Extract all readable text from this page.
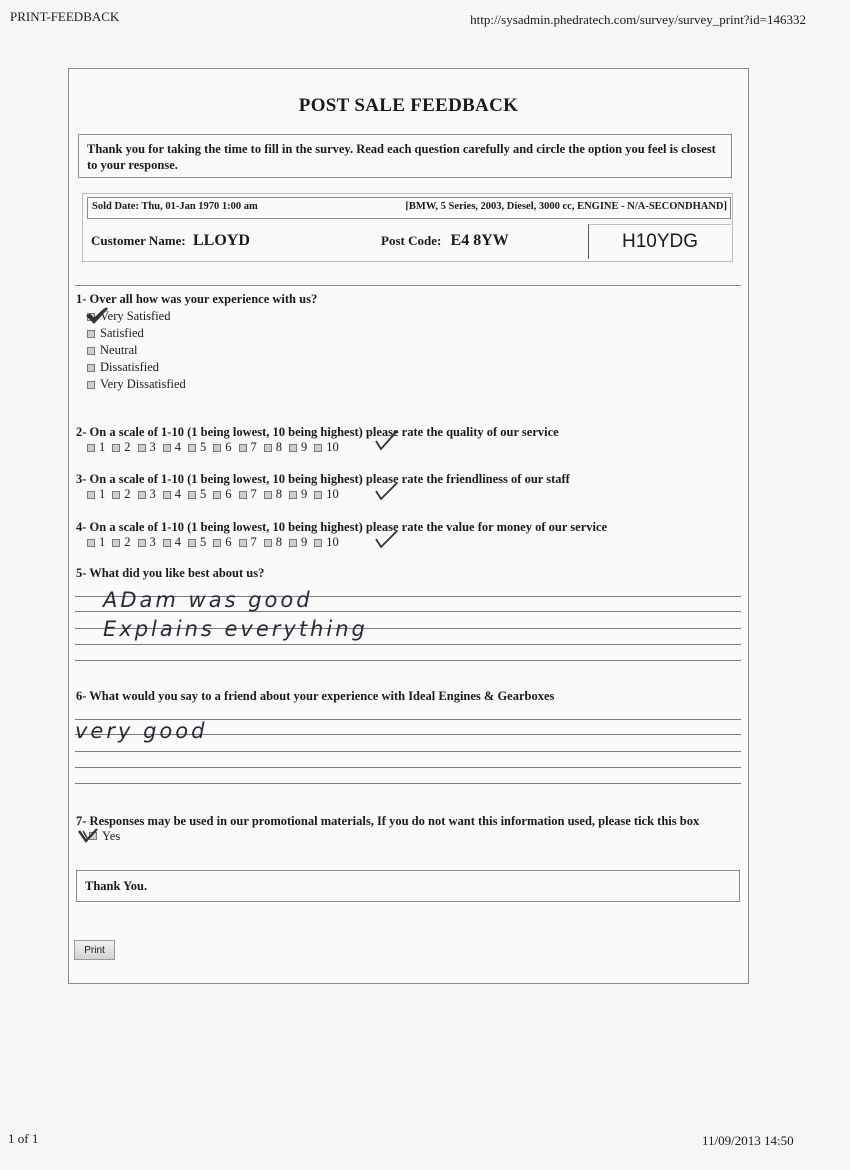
PRINT-FEEDBACK	http://sysadmin.phedratech.com/survey/survey_print?id=146332
POST SALE FEEDBACK
Thank you for taking the time to fill in the survey. Read each question carefully and circle the option you feel is closest to your response.
Sold Date: Thu, 01-Jan 1970 1:00 am	[BMW, 5 Series, 2003, Diesel, 3000 cc, ENGINE - N/A-SECONDHAND]
Customer Name: LLOYD	Post Code: E4 8YW	H10YDG
1- Over all how was your experience with us?
Very Satisfied
Satisfied
Neutral
Dissatisfied
Very Dissatisfied
2- On a scale of 1-10 (1 being lowest, 10 being highest) please rate the quality of our service
1 2 3 4 5 6 7 8 9 10
3- On a scale of 1-10 (1 being lowest, 10 being highest) please rate the friendliness of our staff
1 2 3 4 5 6 7 8 9 10
4- On a scale of 1-10 (1 being lowest, 10 being highest) please rate the value for money of our service
1 2 3 4 5 6 7 8 9 10
5- What did you like best about us?
ADam was good
Explains everything
6- What would you say to a friend about your experience with Ideal Engines & Gearboxes
very good
7- Responses may be used in our promotional materials, If you do not want this information used, please tick this box
Yes
Thank You.
Print
1 of 1	11/09/2013 14:50
